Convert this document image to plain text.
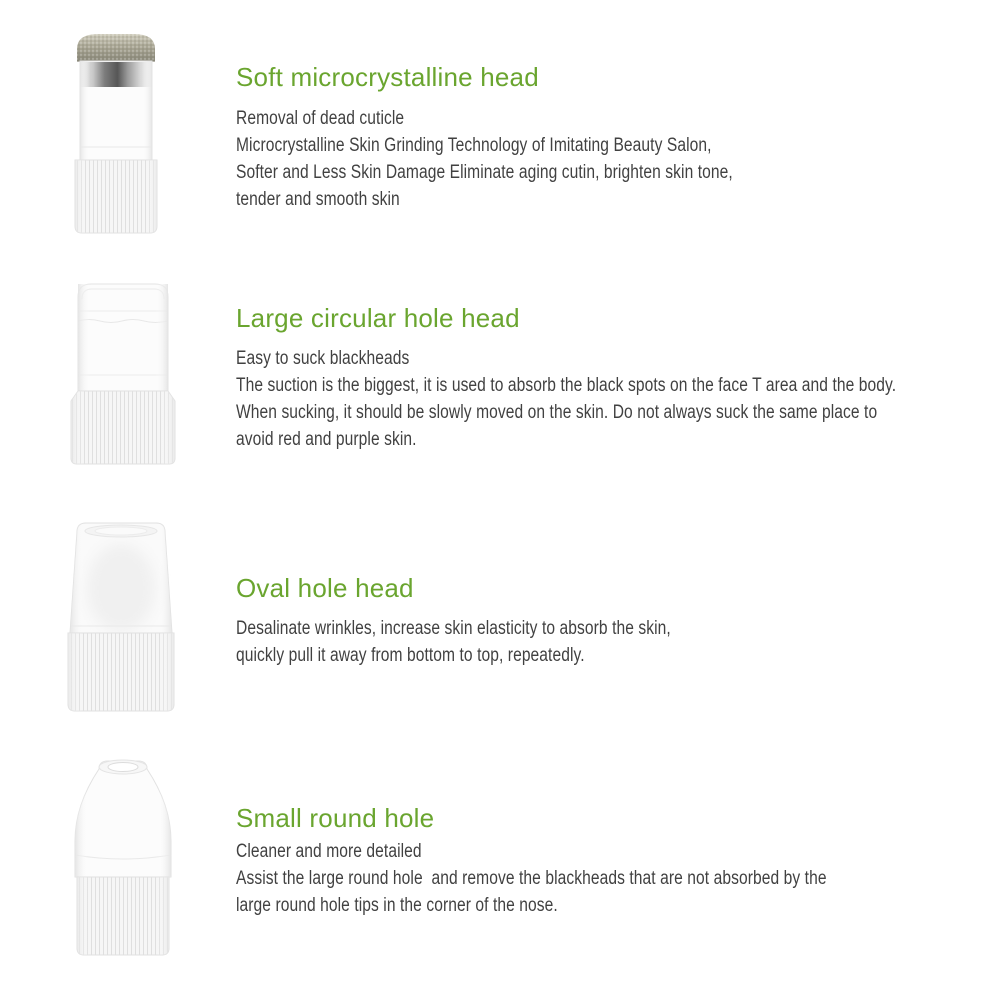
Soft microcrystalline head
Removal of dead cuticle
Microcrystalline Skin Grinding Technology of Imitating Beauty Salon,
Softer and Less Skin Damage Eliminate aging cutin, brighten skin tone,
tender and smooth skin
Large circular hole head
Easy to suck blackheads
The suction is the biggest, it is used to absorb the black spots on the face T area and the body.
When sucking, it should be slowly moved on the skin. Do not always suck the same place to
avoid red and purple skin.
Oval hole head
Desalinate wrinkles, increase skin elasticity to absorb the skin,
quickly pull it away from bottom to top, repeatedly.
Small round hole
Cleaner and more detailed
Assist the large round hole  and remove the blackheads that are not absorbed by the
large round hole tips in the corner of the nose.
